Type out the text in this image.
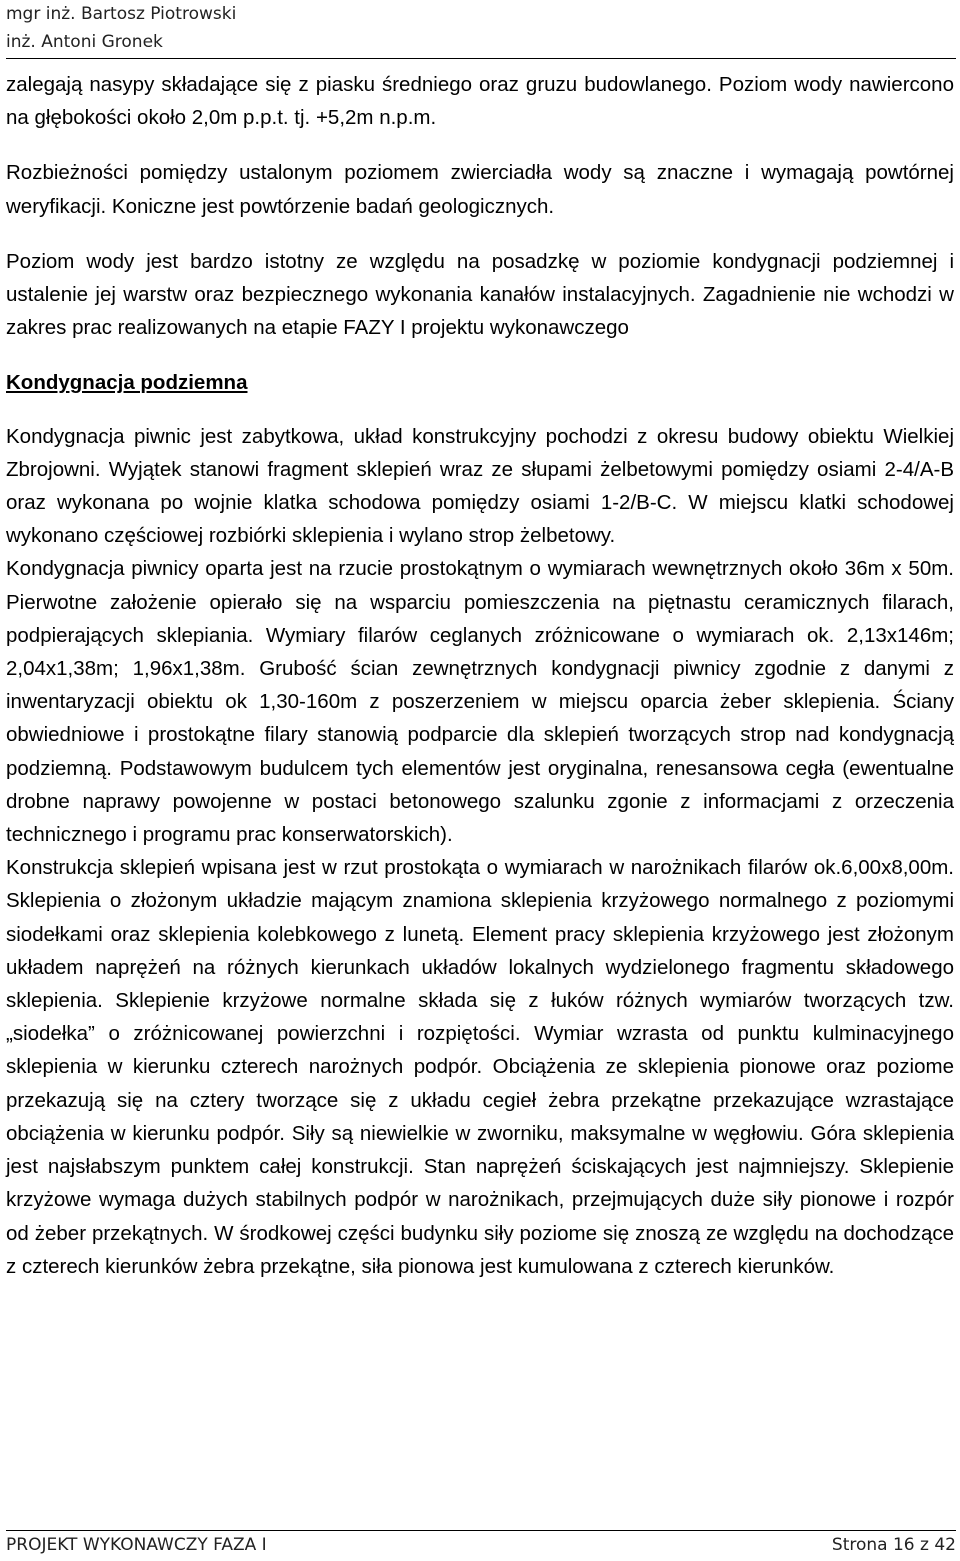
mgr inż. Bartosz Piotrowski
inż. Antoni Gronek

zalegają nasypy składające się z piasku średniego oraz gruzu budowlanego. Poziom wody nawiercono na głębokości około 2,0m p.p.t. tj. +5,2m n.p.m.

Rozbieżności pomiędzy ustalonym poziomem zwierciadła wody są znaczne i wymagają powtórnej weryfikacji. Koniczne jest powtórzenie badań geologicznych.

Poziom wody jest bardzo istotny ze względu na posadzkę w poziomie kondygnacji podziemnej i ustalenie jej warstw oraz bezpiecznego wykonania kanałów instalacyjnych. Zagadnienie nie wchodzi w zakres prac realizowanych na etapie FAZY I projektu wykonawczego

Kondygnacja podziemna

Kondygnacja piwnic jest zabytkowa, układ konstrukcyjny pochodzi z okresu budowy obiektu Wielkiej Zbrojowni. Wyjątek stanowi fragment sklepień wraz ze słupami żelbetowymi pomiędzy osiami 2-4/A-B oraz wykonana po wojnie klatka schodowa pomiędzy osiami 1-2/B-C. W miejscu klatki schodowej wykonano częściowej rozbiórki sklepienia i wylano strop żelbetowy.

Kondygnacja piwnicy oparta jest na rzucie prostokątnym o wymiarach wewnętrznych około 36m x 50m. Pierwotne założenie opierało się na wsparciu pomieszczenia na piętnastu ceramicznych filarach, podpierających sklepiania. Wymiary filarów ceglanych zróżnicowane o wymiarach ok. 2,13x146m; 2,04x1,38m; 1,96x1,38m. Grubość ścian zewnętrznych kondygnacji piwnicy zgodnie z danymi z inwentaryzacji obiektu ok 1,30-160m z poszerzeniem w miejscu oparcia żeber sklepienia. Ściany obwiedniowe i prostokątne filary stanowią podparcie dla sklepień tworzących strop nad kondygnacją podziemną. Podstawowym budulcem tych elementów jest oryginalna, renesansowa cegła (ewentualne drobne naprawy powojenne w postaci betonowego szalunku zgonie z informacjami z orzeczenia technicznego i programu prac konserwatorskich).

Konstrukcja sklepień wpisana jest w rzut prostokąta o wymiarach w narożnikach filarów ok.6,00x8,00m. Sklepienia o złożonym układzie mającym znamiona sklepienia krzyżowego normalnego z poziomymi siodełkami oraz sklepienia kolebkowego z lunetą. Element pracy sklepienia krzyżowego jest złożonym układem naprężeń na różnych kierunkach układów lokalnych wydzielonego fragmentu składowego sklepienia. Sklepienie krzyżowe normalne składa się z łuków różnych wymiarów tworzących tzw. „siodełka” o zróżnicowanej powierzchni i rozpiętości. Wymiar wzrasta od punktu kulminacyjnego sklepienia w kierunku czterech narożnych podpór. Obciążenia ze sklepienia pionowe oraz poziome przekazują się na cztery tworzące się z układu cegieł żebra przekątne przekazujące wzrastające obciążenia w kierunku podpór. Siły są niewielkie w zworniku, maksymalne w węgłowiu. Góra sklepienia jest najsłabszym punktem całej konstrukcji. Stan naprężeń ściskających jest najmniejszy. Sklepienie krzyżowe wymaga dużych stabilnych podpór w narożnikach, przejmujących duże siły pionowe i rozpór od żeber przekątnych. W środkowej części budynku siły poziome się znoszą ze względu na dochodzące z czterech kierunków żebra przekątne, siła pionowa jest kumulowana z czterech kierunków.

PROJEKT WYKONAWCZY FAZA I	Strona 16 z 42
